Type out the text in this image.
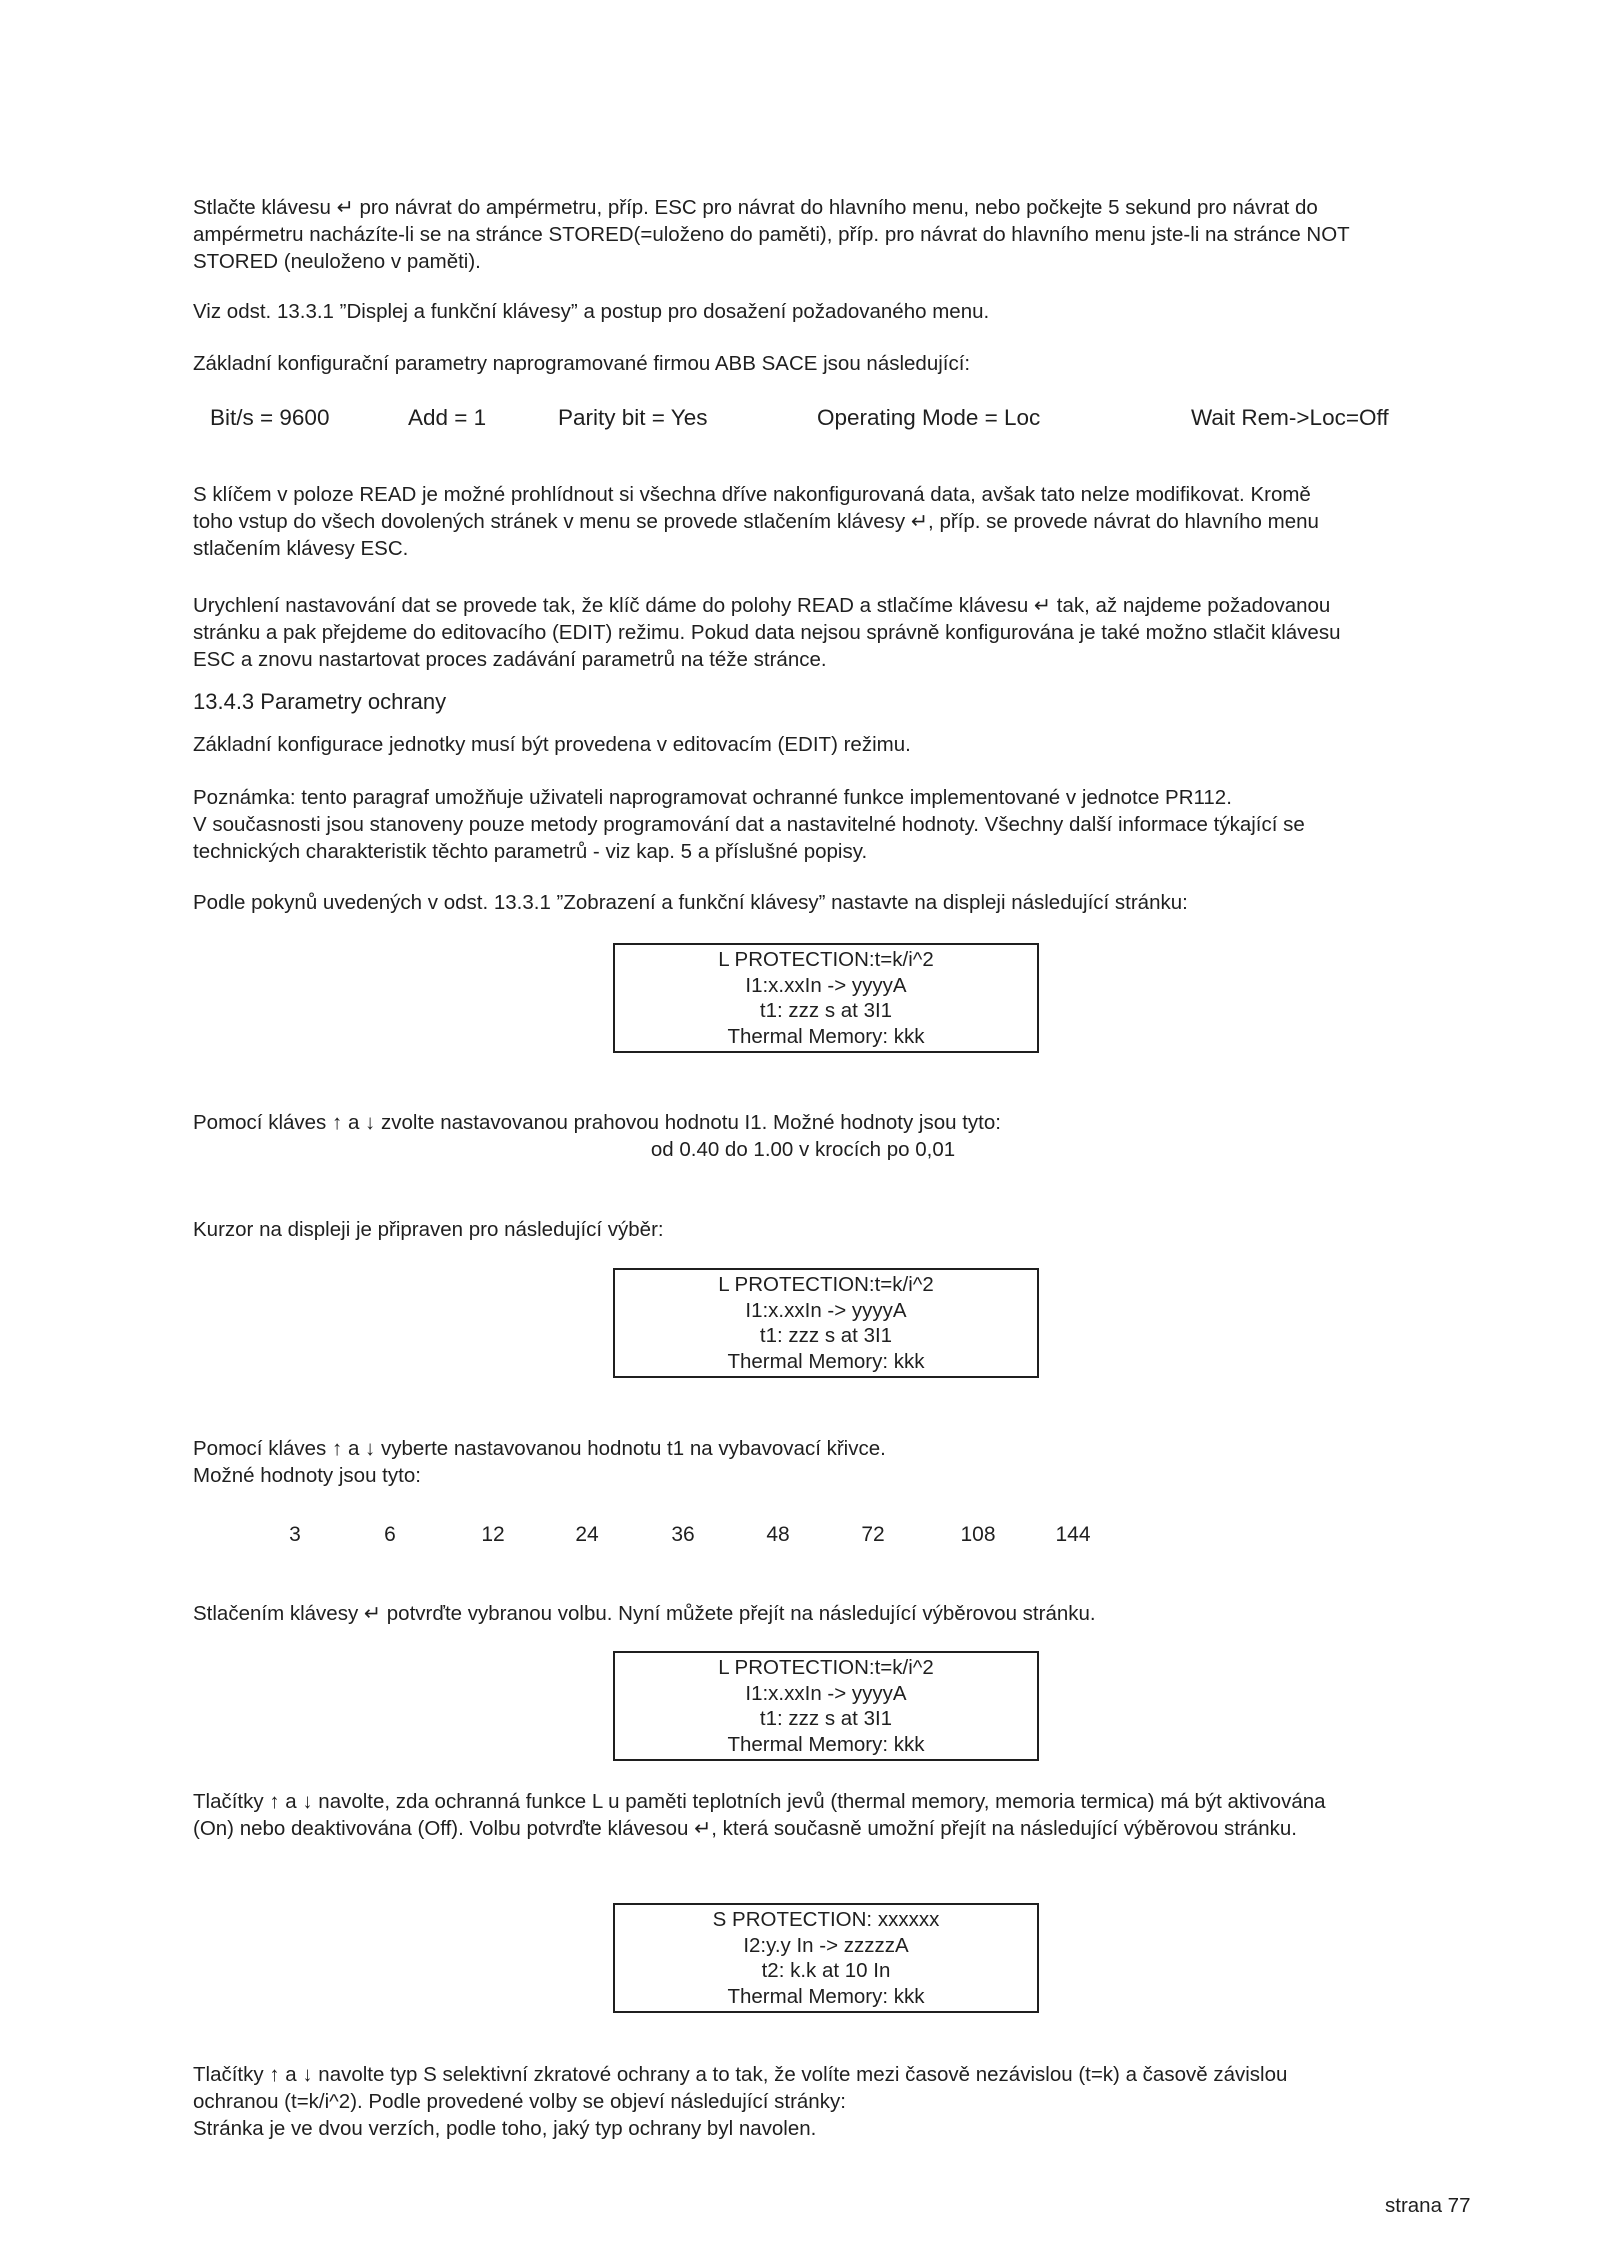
Stlačte klávesu ↵ pro návrat do ampérmetru, příp. ESC pro návrat do hlavního menu, nebo počkejte 5 sekund pro návrat do
ampérmetru nacházíte-li se na stránce STORED(=uloženo do paměti), příp. pro návrat do hlavního menu jste-li na stránce NOT
STORED (neuloženo v paměti).
Viz odst. 13.3.1 ”Displej a funkční klávesy” a postup pro dosažení požadovaného menu.
Základní konfigurační parametry naprogramované firmou ABB SACE jsou následující:
Bit/s = 9600	Add = 1	Parity bit = Yes	Operating Mode = Loc	Wait Rem->Loc=Off
S klíčem v poloze READ je možné prohlídnout si všechna dříve nakonfigurovaná data, avšak tato nelze modifikovat. Kromě
toho vstup do všech dovolených stránek v menu se provede stlačením klávesy ↵, příp. se provede návrat do hlavního menu
stlačením klávesy ESC.
Urychlení nastavování dat se provede tak, že klíč dáme do polohy READ a stlačíme klávesu ↵ tak, až najdeme požadovanou
stránku a pak přejdeme do editovacího (EDIT) režimu. Pokud data nejsou správně konfigurována je také možno stlačit klávesu
ESC a znovu nastartovat proces zadávání parametrů na téže stránce.
13.4.3 Parametry ochrany
Základní konfigurace jednotky musí být provedena v editovacím (EDIT) režimu.
Poznámka: tento paragraf umožňuje uživateli naprogramovat ochranné funkce implementované v jednotce PR112.
V současnosti jsou stanoveny pouze metody programování dat a nastavitelné hodnoty. Všechny další informace týkající se
technických charakteristik těchto parametrů - viz kap. 5 a příslušné popisy.
Podle pokynů uvedených v odst. 13.3.1 ”Zobrazení a funkční klávesy” nastavte na displeji následující stránku:
L PROTECTION:t=k/i^2
I1:x.xxIn -> yyyyA
t1: zzz s at 3I1
Thermal Memory: kkk
Pomocí kláves ↑ a ↓ zvolte nastavovanou prahovou hodnotu I1. Možné hodnoty jsou tyto:
od 0.40 do 1.00 v krocích po 0,01
Kurzor na displeji je připraven pro následující výběr:
L PROTECTION:t=k/i^2
I1:x.xxIn -> yyyyA
t1: zzz s at 3I1
Thermal Memory: kkk
Pomocí kláves ↑ a ↓ vyberte nastavovanou hodnotu t1 na vybavovací křivce.
Možné hodnoty jsou tyto:
3	6	12	24	36	48	72	108	144
Stlačením klávesy ↵ potvrďte vybranou volbu. Nyní můžete přejít na následující výběrovou stránku.
L PROTECTION:t=k/i^2
I1:x.xxIn -> yyyyA
t1: zzz s at 3I1
Thermal Memory: kkk
Tlačítky ↑ a ↓ navolte, zda ochranná funkce L u paměti teplotních jevů (thermal memory, memoria termica) má být aktivována
(On) nebo deaktivována (Off). Volbu potvrďte klávesou ↵, která současně umožní přejít na následující výběrovou stránku.
S PROTECTION: xxxxxx
I2:y.y In -> zzzzzA
t2: k.k at 10 In
Thermal Memory: kkk
Tlačítky ↑ a ↓ navolte typ S selektivní zkratové ochrany a to tak, že volíte mezi časově nezávislou (t=k) a časově závislou
ochranou (t=k/i^2). Podle provedené volby se objeví následující stránky:
Stránka je ve dvou verzích, podle toho, jaký typ ochrany byl navolen.
strana 77
